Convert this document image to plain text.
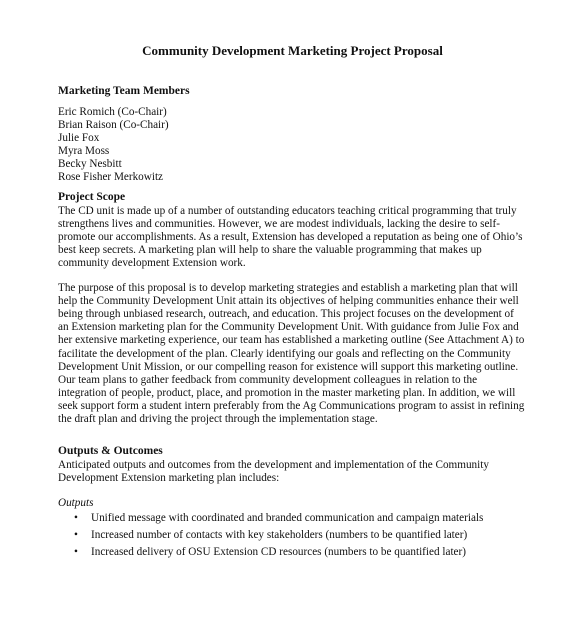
Community Development Marketing Project Proposal
Marketing Team Members
Eric Romich (Co-Chair)
Brian Raison (Co-Chair)
Julie Fox
Myra Moss
Becky Nesbitt
Rose Fisher Merkowitz
Project Scope
The CD unit is made up of a number of outstanding educators teaching critical programming that truly
strengthens lives and communities. However, we are modest individuals, lacking the desire to self-
promote our accomplishments. As a result, Extension has developed a reputation as being one of Ohio’s
best keep secrets. A marketing plan will help to share the valuable programming that makes up
community development Extension work.
The purpose of this proposal is to develop marketing strategies and establish a marketing plan that will
help the Community Development Unit attain its objectives of helping communities enhance their well
being through unbiased research, outreach, and education. This project focuses on the development of
an Extension marketing plan for the Community Development Unit. With guidance from Julie Fox and
her extensive marketing experience, our team has established a marketing outline (See Attachment A) to
facilitate the development of the plan. Clearly identifying our goals and reflecting on the Community
Development Unit Mission, or our compelling reason for existence will support this marketing outline.
Our team plans to gather feedback from community development colleagues in relation to the
integration of people, product, place, and promotion in the master marketing plan. In addition, we will
seek support form a student intern preferably from the Ag Communications program to assist in refining
the draft plan and driving the project through the implementation stage.
Outputs & Outcomes
Anticipated outputs and outcomes from the development and implementation of the Community
Development Extension marketing plan includes:
Outputs
• Unified message with coordinated and branded communication and campaign materials
• Increased number of contacts with key stakeholders (numbers to be quantified later)
• Increased delivery of OSU Extension CD resources (numbers to be quantified later)
